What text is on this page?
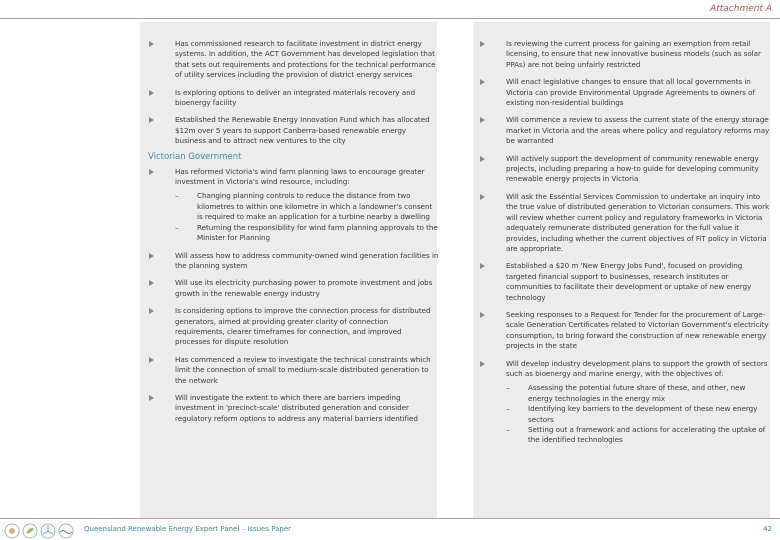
Attachment A
Has commissioned research to facilitate investment in district energy systems. In addition, the ACT Government has developed legislation that that sets out requirements and protections for the technical performance of utility services including the provision of district energy services
Is exploring options to deliver an integrated materials recovery and bioenergy facility
Established the Renewable Energy Innovation Fund which has allocated $12m over 5 years to support Canberra-based renewable energy business and to attract new ventures to the city
Victorian Government
Has reformed Victoria's wind farm planning laws to encourage greater investment in Victoria's wind resource, including:
–	Changing planning controls to reduce the distance from two kilometres to within one kilometre in which a landowner's consent is required to make an application for a turbine nearby a dwelling
–	Returning the responsibility for wind farm planning approvals to the Minister for Planning
Will assess how to address community-owned wind generation facilities in the planning system
Will use its electricity purchasing power to promote investment and jobs growth in the renewable energy industry
Is considering options to improve the connection process for distributed generators, aimed at providing greater clarity of connection requirements, clearer timeframes for connection, and improved processes for dispute resolution
Has commenced a review to investigate the technical constraints which limit the connection of small to medium-scale distributed generation to the network
Will investigate the extent to which there are barriers impeding investment in 'precinct-scale' distributed generation and consider regulatory reform options to address any material barriers identified
Is reviewing the current process for gaining an exemption from retail licensing, to ensure that new innovative business models (such as solar PPAs) are not being unfairly restricted
Will enact legislative changes to ensure that all local governments in Victoria can provide Environmental Upgrade Agreements to owners of existing non-residential buildings
Will commence a review to assess the current state of the energy storage market in Victoria and the areas where policy and regulatory reforms may be warranted
Will actively support the development of community renewable energy projects, including preparing a how-to guide for developing community renewable energy projects in Victoria
Will ask the Essential Services Commission to undertake an inquiry into the true value of distributed generation to Victorian consumers. This work will review whether current policy and regulatory frameworks in Victoria adequately remunerate distributed generation for the full value it provides, including whether the current objectives of FiT policy in Victoria are appropriate.
Established a $20 m 'New Energy Jobs Fund', focused on providing targeted financial support to businesses, research institutes or communities to facilitate their development or uptake of new energy technology
Seeking responses to a Request for Tender for the procurement of Large-scale Generation Certificates related to Victorian Government's electricity consumption, to bring forward the construction of new renewable energy projects in the state
Will develop industry development plans to support the growth of sectors such as bioenergy and marine energy, with the objectives of:
–	Assessing the potential future share of these, and other, new energy technologies in the energy mix
–	Identifying key barriers to the development of these new energy sectors
–	Setting out a framework and actions for accelerating the uptake of the identified technologies
Queensland Renewable Energy Expert Panel – Issues Paper	42
